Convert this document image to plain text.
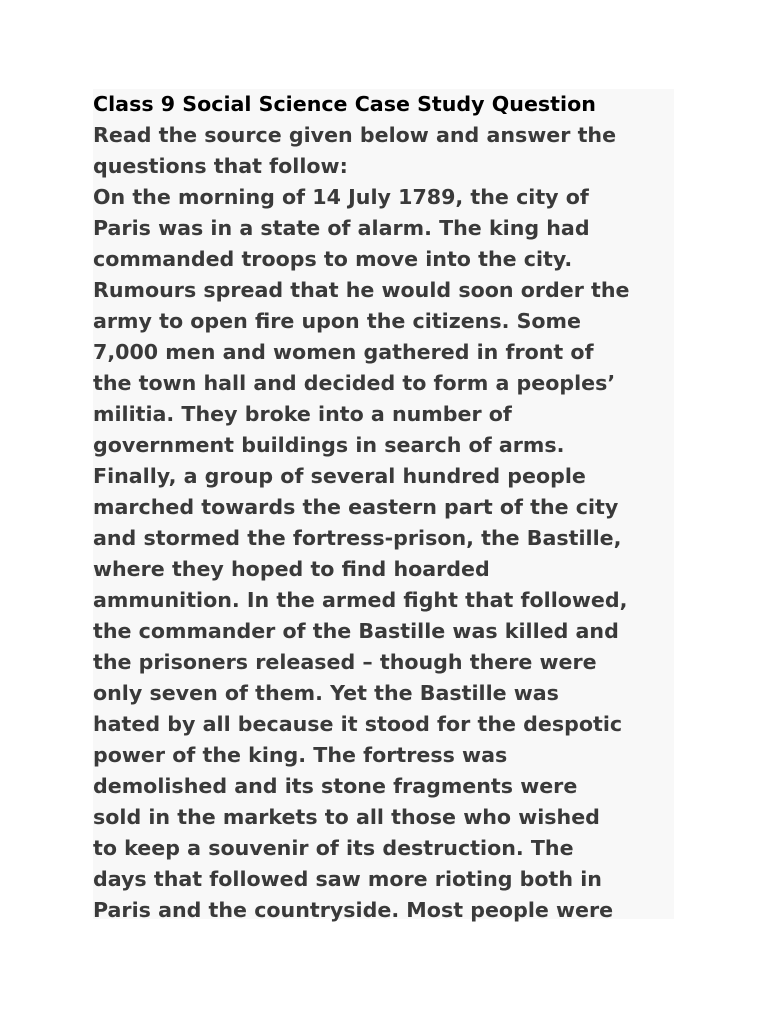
Class 9 Social Science Case Study Question
Read the source given below and answer the
questions that follow:
On the morning of 14 July 1789, the city of
Paris was in a state of alarm. The king had
commanded troops to move into the city.
Rumours spread that he would soon order the
army to open fire upon the citizens. Some
7,000 men and women gathered in front of
the town hall and decided to form a peoples’
militia. They broke into a number of
government buildings in search of arms.
Finally, a group of several hundred people
marched towards the eastern part of the city
and stormed the fortress-prison, the Bastille,
where they hoped to find hoarded
ammunition. In the armed fight that followed,
the commander of the Bastille was killed and
the prisoners released – though there were
only seven of them. Yet the Bastille was
hated by all because it stood for the despotic
power of the king. The fortress was
demolished and its stone fragments were
sold in the markets to all those who wished
to keep a souvenir of its destruction. The
days that followed saw more rioting both in
Paris and the countryside. Most people were
